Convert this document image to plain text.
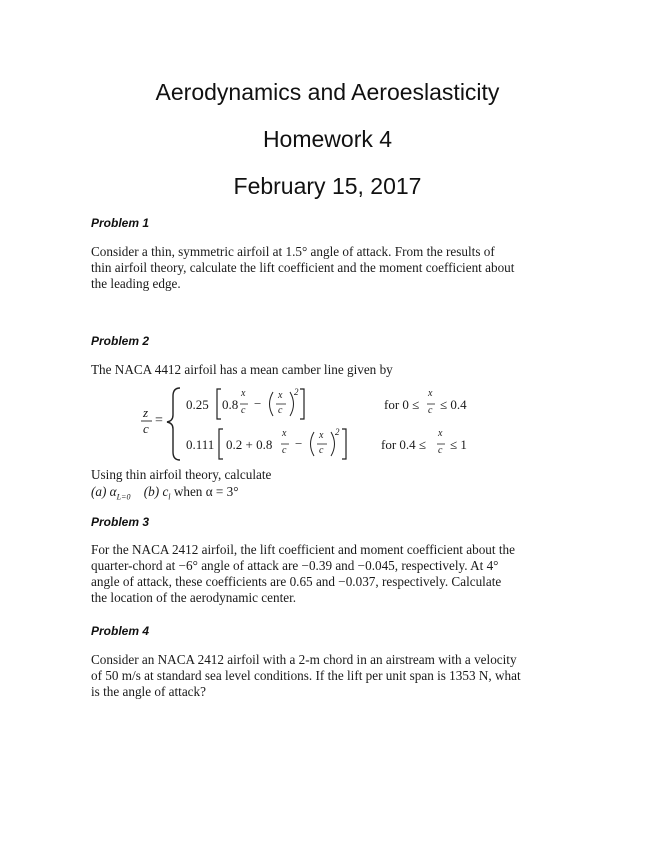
Aerodynamics and Aeroeslasticity
Homework 4
February 15, 2017
Problem 1
Consider a thin, symmetric airfoil at 1.5° angle of attack. From the results of
thin airfoil theory, calculate the lift coefficient and the moment coefficient about
the leading edge.
Problem 2
The NACA 4412 airfoil has a mean camber line given by
z
c
=
0.25 0.8
x
c −
x
c
2
for 0 ≤
x
c ≤ 0.4
0.111 0.2 + 0.8
x
c −
x
c
2
for 0.4 ≤
x
c ≤ 1
Using thin airfoil theory, calculate
(a) $\alpha_{L=0}$ (b) $c_l$ when α = 3°
Problem 3
For the NACA 2412 airfoil, the lift coefficient and moment coefficient about the
quarter-chord at −6° angle of attack are −0.39 and −0.045, respectively. At 4°
angle of attack, these coefficients are 0.65 and −0.037, respectively. Calculate
the location of the aerodynamic center.
Problem 4
Consider an NACA 2412 airfoil with a 2-m chord in an airstream with a velocity
of 50 m/s at standard sea level conditions. If the lift per unit span is 1353 N, what
is the angle of attack?
